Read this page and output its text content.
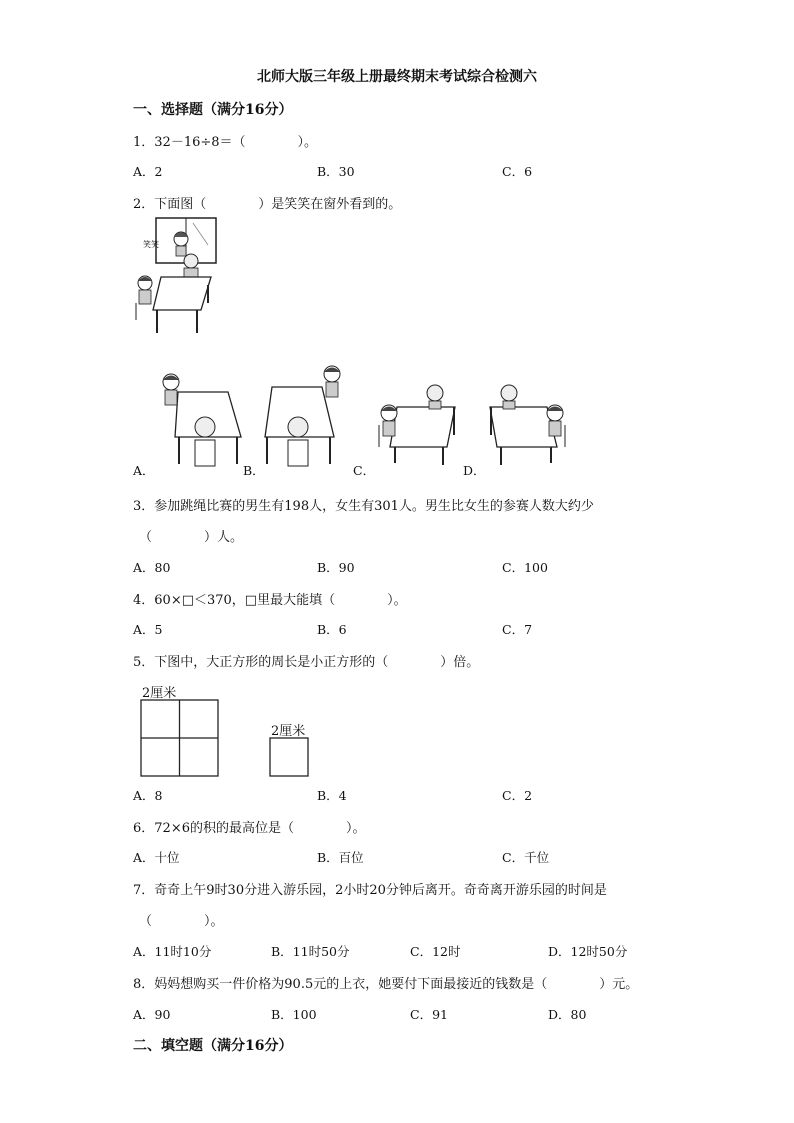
北师大版三年级上册最终期末考试综合检测六
一、选择题（满分16分）
1．32－16÷8＝（　　　　）。
A．2	B．30	C．6
2．下面图（　　　　）是笑笑在窗外看到的。
笑笑
A．	B．	C．	D．
3．参加跳绳比赛的男生有198人，女生有301人。男生比女生的参赛人数大约少
（　　　　）人。
A．80	B．90	C．100
4．60×□＜370，□里最大能填（　　　　）。
A．5	B．6	C．7
5．下图中，大正方形的周长是小正方形的（　　　　）倍。
2厘米
2厘米
A．8	B．4	C．2
6．72×6的积的最高位是（　　　　）。
A．十位	B．百位	C．千位
7．奇奇上午9时30分进入游乐园，2小时20分钟后离开。奇奇离开游乐园的时间是
（　　　　）。
A．11时10分	B．11时50分	C．12时	D．12时50分
8．妈妈想购买一件价格为90.5元的上衣，她要付下面最接近的钱数是（　　　　）元。
A．90	B．100	C．91	D．80
二、填空题（满分16分）
